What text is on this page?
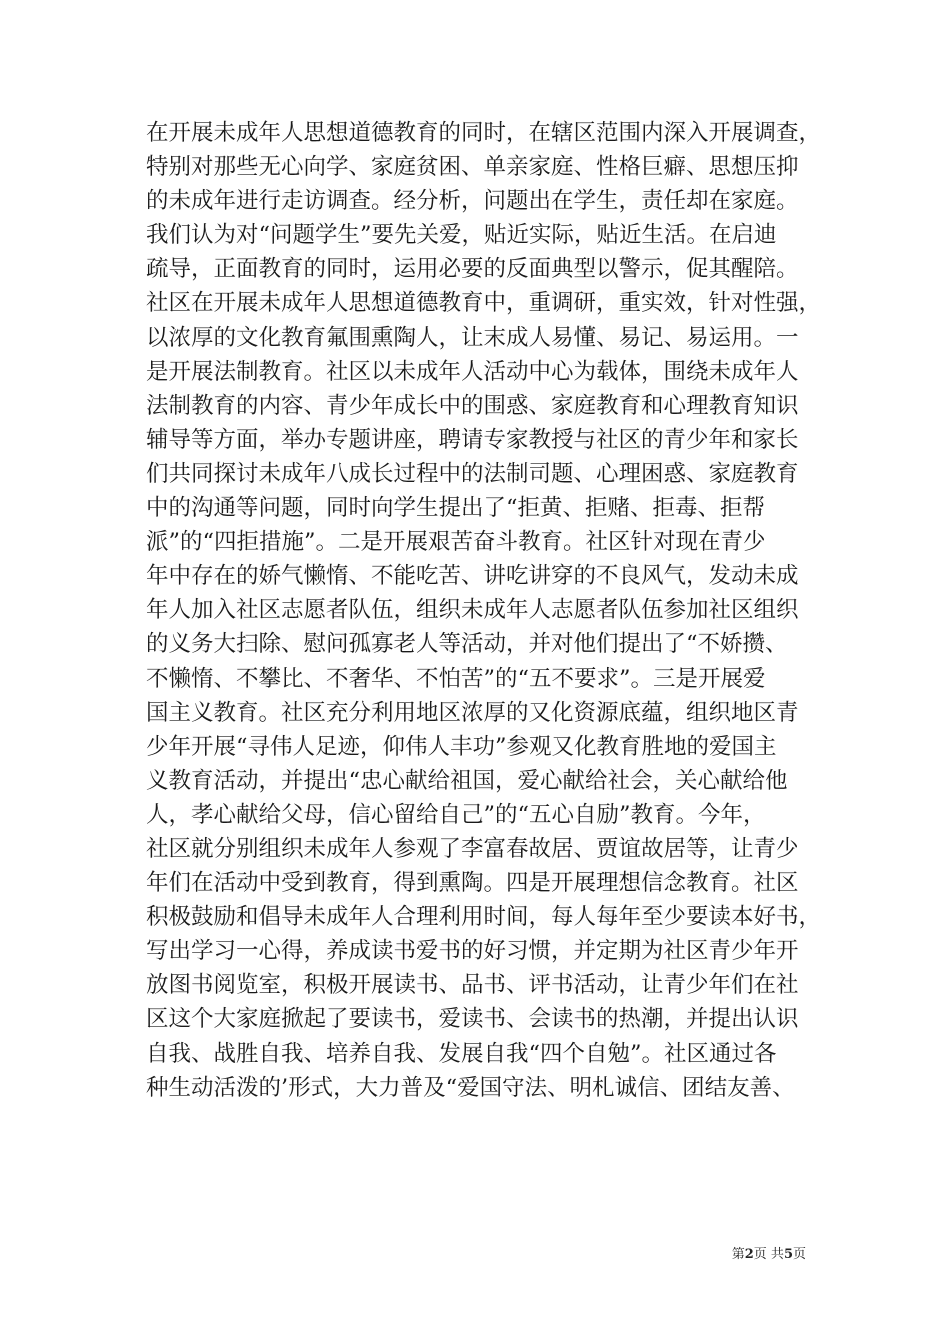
在开展未成年人思想道德教育的同时，在辖区范围内深入开展调查，
特别对那些无心向学、家庭贫困、单亲家庭、性格巨癖、思想压抑
的未成年进行走访调查。经分析，问题出在学生，责任却在家庭。
我们认为对“问题学生”要先关爱，贴近实际，贴近生活。在启迪
疏导，正面教育的同时，运用必要的反面典型以警示，促其醒陪。
社区在开展未成年人思想道德教育中，重调研，重实效，针对性强，
以浓厚的文化教育氟围熏陶人，让末成人易懂、易记、易运用。一
是开展法制教育。社区以未成年人活动中心为载体，围绕未成年人
法制教育的内容、青少年成长中的围惑、家庭教育和心理教育知识
辅导等方面，举办专题讲座，聘请专家教授与社区的青少年和家长
们共同探讨未成年八成长过程中的法制司题、心理困惑、家庭教育
中的沟通等问题，同时向学生提出了“拒黄、拒赌、拒毒、拒帮
派”的“四拒措施”。二是开展艰苦奋斗教育。社区针对现在青少
年中存在的娇气懒惰、不能吃苦、讲吃讲穿的不良风气，发动未成
年人加入社区志愿者队伍，组织未成年人志愿者队伍参加社区组织
的义务大扫除、慰问孤寡老人等活动，并对他们提出了“不娇攒、
不懒惰、不攀比、不奢华、不怕苦”的“五不要求”。三是开展爱
国主义教育。社区充分利用地区浓厚的又化资源底蕴，组织地区青
少年开展“寻伟人足迹，仰伟人丰功”参观又化教育胜地的爱国主
义教育活动，并提出“忠心献给祖国，爱心献给社会，关心献给他
人，孝心献给父母，信心留给自己”的“五心自励”教育。今年，
社区就分别组织未成年人参观了李富春故居、贾谊故居等，让青少
年们在活动中受到教育，得到熏陶。四是开展理想信念教育。社区
积极鼓励和倡导未成年人合理利用时间，每人每年至少要读本好书，
写出学习一心得，养成读书爱书的好习惯，并定期为社区青少年开
放图书阅览室，积极开展读书、品书、评书活动，让青少年们在社
区这个大家庭掀起了要读书，爱读书、会读书的热潮，并提出认识
自我、战胜自我、培养自我、发展自我“四个自勉”。社区通过各
种生动活泼的’形式，大力普及“爱国守法、明札诚信、团结友善、
第2页 共5页
